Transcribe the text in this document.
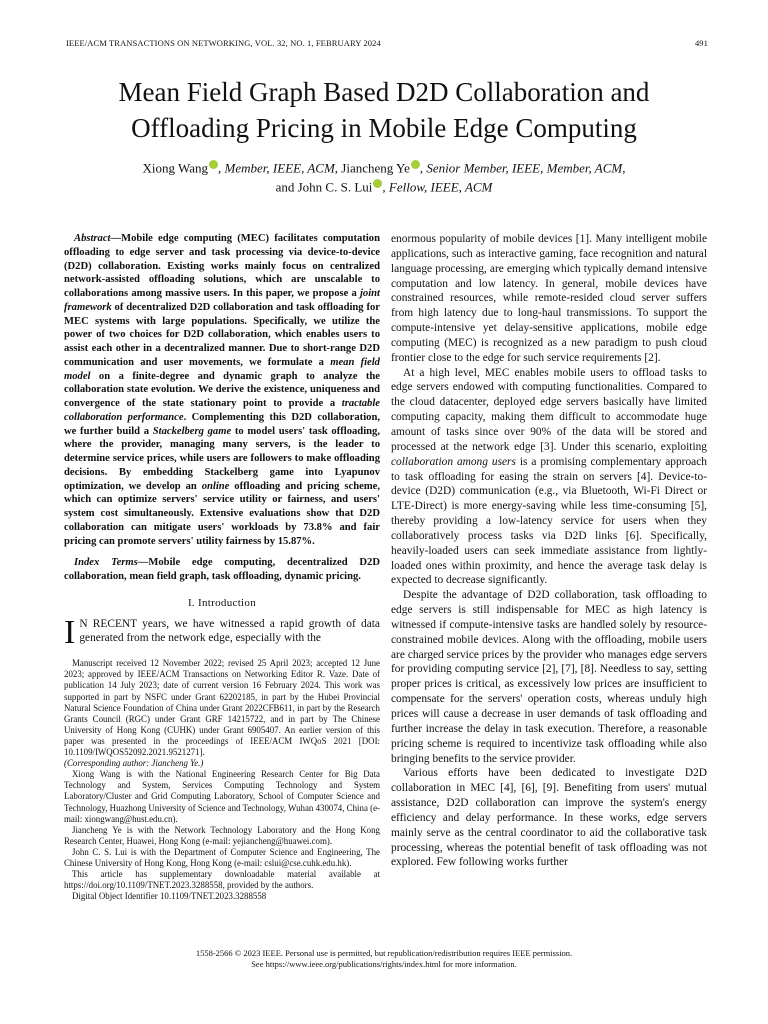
IEEE/ACM TRANSACTIONS ON NETWORKING, VOL. 32, NO. 1, FEBRUARY 2024	491
Mean Field Graph Based D2D Collaboration and
Offloading Pricing in Mobile Edge Computing
Xiong Wang , Member, IEEE, ACM, Jiancheng Ye , Senior Member, IEEE, Member, ACM,
and John C. S. Lui , Fellow, IEEE, ACM

Abstract—Mobile edge computing (MEC) facilitates computation offloading to edge server and task processing via device-to-device (D2D) collaboration. Existing works mainly focus on centralized network-assisted offloading solutions, which are unscalable to collaborations among massive users. In this paper, we propose a joint framework of decentralized D2D collaboration and task offloading for MEC systems with large populations. Specifically, we utilize the power of two choices for D2D collaboration, which enables users to assist each other in a decentralized manner. Due to short-range D2D communication and user movements, we formulate a mean field model on a finite-degree and dynamic graph to analyze the collaboration state evolution. We derive the existence, uniqueness and convergence of the state stationary point to provide a tractable collaboration performance. Complementing this D2D collaboration, we further build a Stackelberg game to model users' task offloading, where the provider, managing many servers, is the leader to determine service prices, while users are followers to make offloading decisions. By embedding Stackelberg game into Lyapunov optimization, we develop an online offloading and pricing scheme, which can optimize servers' service utility or fairness, and users' system cost simultaneously. Extensive evaluations show that D2D collaboration can mitigate users' workloads by 73.8% and fair pricing can promote servers' utility fairness by 15.87%.

Index Terms—Mobile edge computing, decentralized D2D collaboration, mean field graph, task offloading, dynamic pricing.

I. Introduction

I N RECENT years, we have witnessed a rapid growth of data generated from the network edge, especially with the

Manuscript received 12 November 2022; revised 25 April 2023; accepted 12 June 2023; approved by IEEE/ACM Transactions on Networking Editor R. Vaze. Date of publication 14 July 2023; date of current version 16 February 2024. This work was supported in part by NSFC under Grant 62202185, in part by the Hubei Provincial Natural Science Foundation of China under Grant 2022CFB611, in part by the Research Grants Council (RGC) under Grant GRF 14215722, and in part by The Chinese University of Hong Kong (CUHK) under Grant 6905407. An earlier version of this paper was presented in the proceedings of IEEE/ACM IWQoS 2021 [DOI: 10.1109/IWQOS52092.2021.9521271].

(Corresponding author: Jiancheng Ye.)

Xiong Wang is with the National Engineering Research Center for Big Data Technology and System, Services Computing Technology and System Laboratory/Cluster and Grid Computing Laboratory, School of Computer Science and Technology, Huazhong University of Science and Technology, Wuhan 430074, China (e-mail: xiongwang@hust.edu.cn).

Jiancheng Ye is with the Network Technology Laboratory and the Hong Kong Research Center, Huawei, Hong Kong (e-mail: yejiancheng@huawei.com).

John C. S. Lui is with the Department of Computer Science and Engineering, The Chinese University of Hong Kong, Hong Kong (e-mail: cslui@cse.cuhk.edu.hk).

This article has supplementary downloadable material available at https://doi.org/10.1109/TNET.2023.3288558, provided by the authors.

Digital Object Identifier 10.1109/TNET.2023.3288558

enormous popularity of mobile devices [1]. Many intelligent mobile applications, such as interactive gaming, face recognition and natural language processing, are emerging which typically demand intensive computation and low latency. In general, mobile devices have constrained resources, while remote-resided cloud server suffers from high latency due to long-haul transmissions. To support the compute-intensive yet delay-sensitive applications, mobile edge computing (MEC) is recognized as a new paradigm to push cloud frontier close to the edge for such service requirements [2].

At a high level, MEC enables mobile users to offload tasks to edge servers endowed with computing functionalities. Compared to the cloud datacenter, deployed edge servers basically have limited computing capacity, making them difficult to accommodate huge amount of tasks since over 90% of the data will be stored and processed at the network edge [3]. Under this scenario, exploiting collaboration among users is a promising complementary approach to task offloading for easing the strain on servers [4]. Device-to-device (D2D) communication (e.g., via Bluetooth, Wi-Fi Direct or LTE-Direct) is more energy-saving while less time-consuming [5], thereby providing a low-latency service for users when they collaboratively process tasks via D2D links [6]. Specifically, heavily-loaded users can seek immediate assistance from lightly-loaded ones within proximity, and hence the average task delay is expected to decrease significantly.

Despite the advantage of D2D collaboration, task offloading to edge servers is still indispensable for MEC as high latency is witnessed if compute-intensive tasks are handled solely by resource-constrained mobile devices. Along with the offloading, mobile users are charged service prices by the provider who manages edge servers for providing computing service [2], [7], [8]. Needless to say, setting proper prices is critical, as excessively low prices are insufficient to compensate for the servers' operation costs, whereas unduly high prices will cause a decrease in user demands of task offloading and further increase the delay in task execution. Therefore, a reasonable pricing scheme is required to incentivize task offloading while also bringing benefits to the service provider.

Various efforts have been dedicated to investigate D2D collaboration in MEC [4], [6], [9]. Benefiting from users' mutual assistance, D2D collaboration can improve the system's energy efficiency and delay performance. In these works, edge servers mainly serve as the central coordinator to aid the collaborative task processing, whereas the potential benefit of task offloading was not explored. Few following works further

1558-2566 © 2023 IEEE. Personal use is permitted, but republication/redistribution requires IEEE permission.
See https://www.ieee.org/publications/rights/index.html for more information.
